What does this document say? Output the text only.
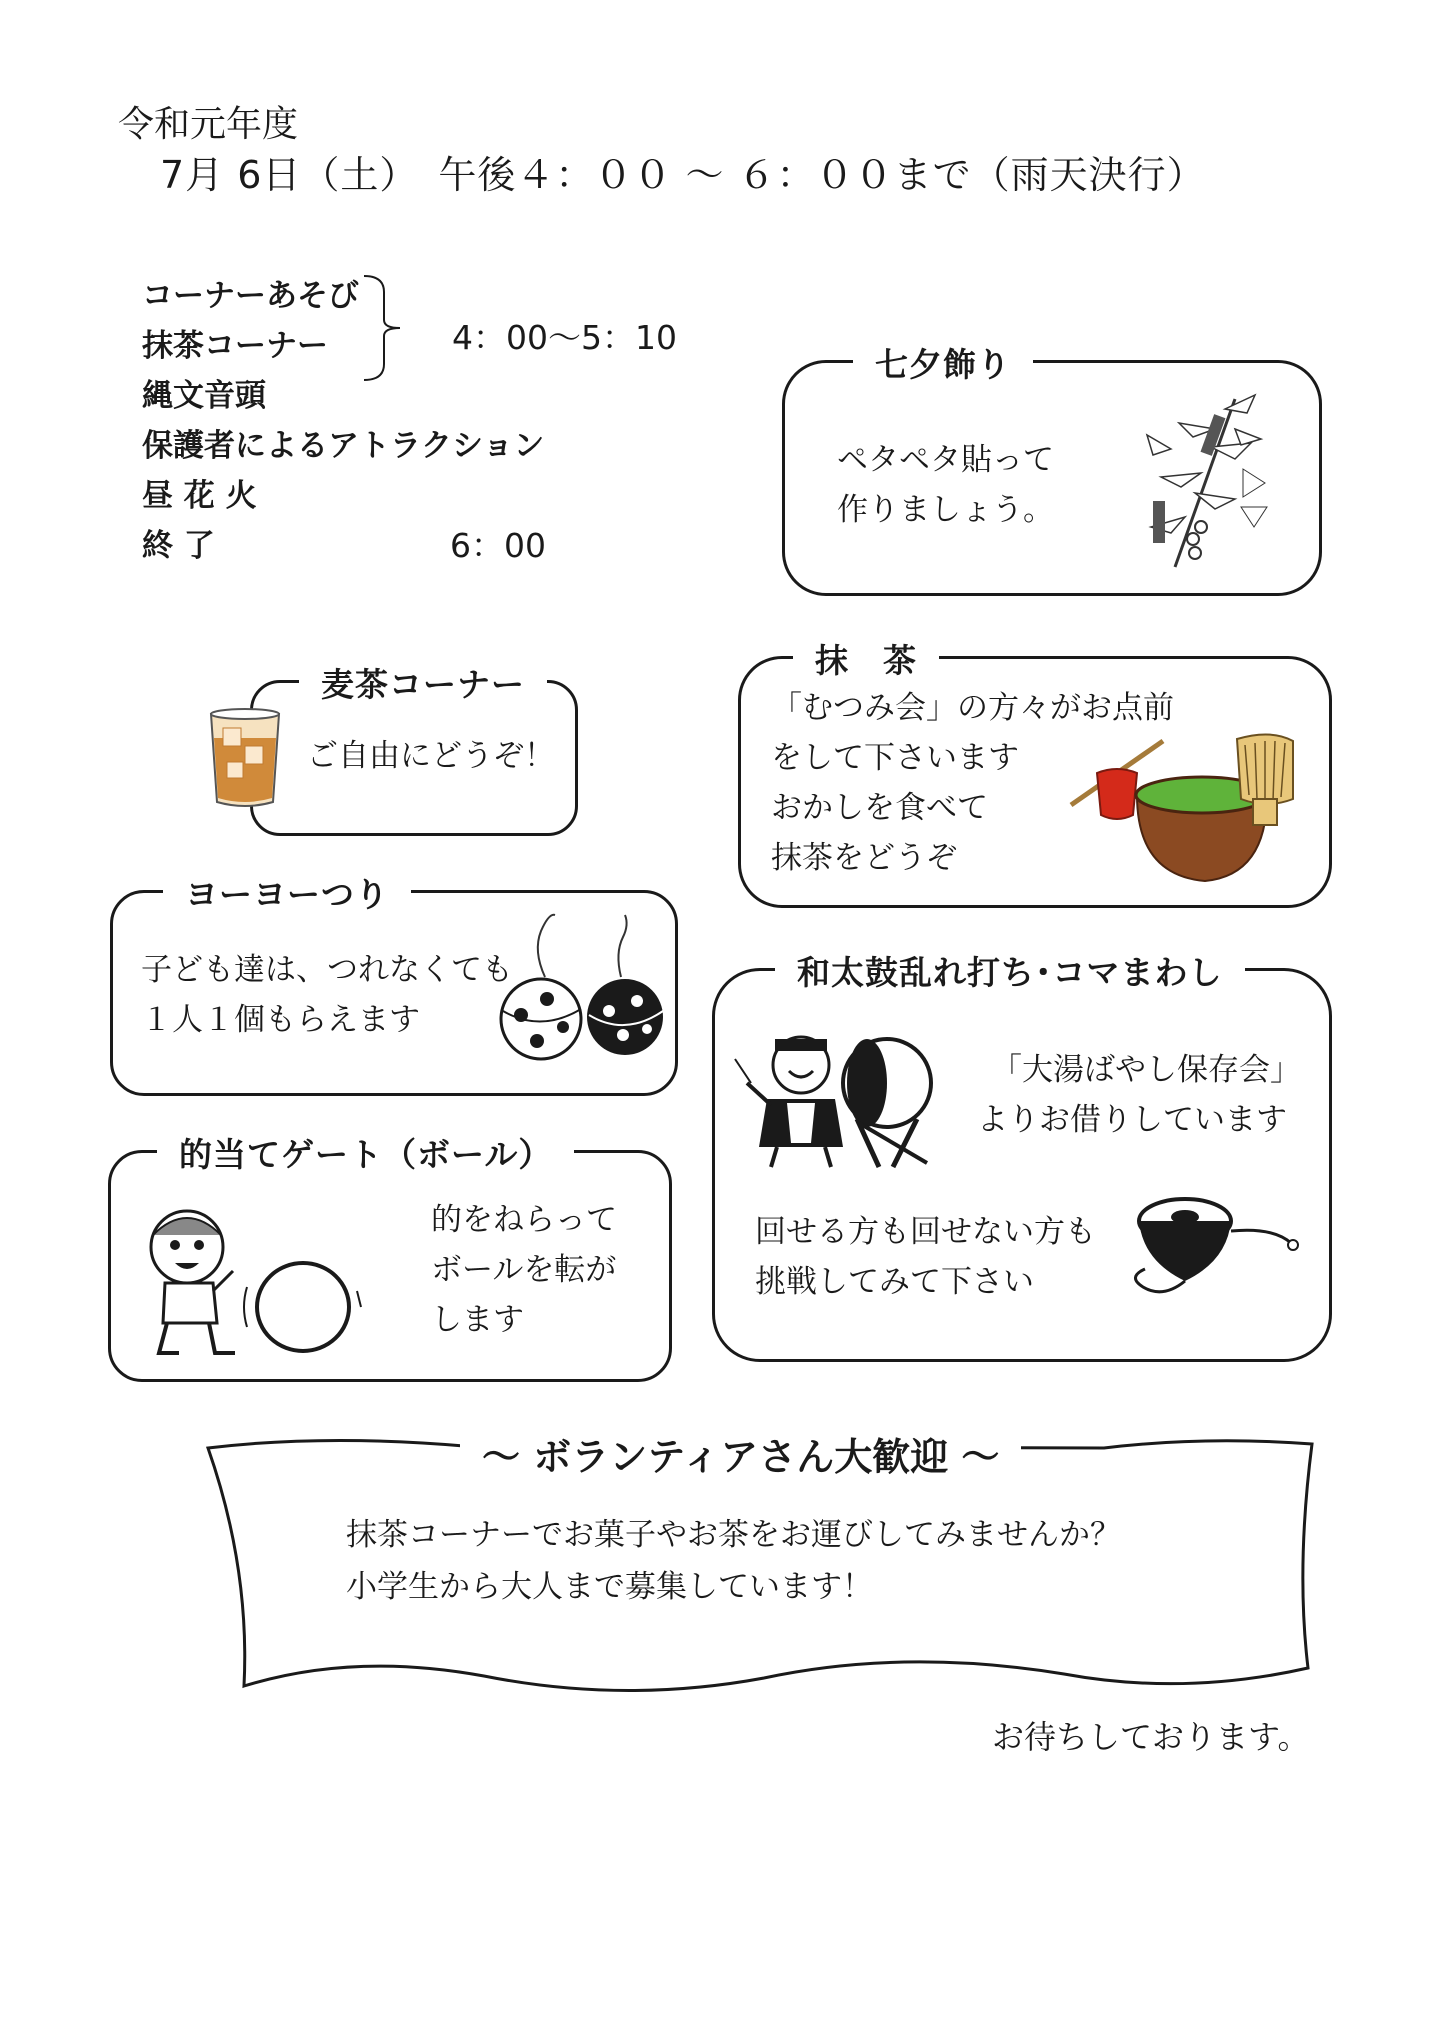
令和元年度
7月 6日（土）　午後４：００ ～ ６：００まで（雨天決行）
コーナーあそび
抹茶コーナー
縄文音頭
保護者によるアトラクション
昼 花 火
終 了
4：00～5：10
6：00
七夕飾り
ペタペタ貼って
作りましょう。
麦茶コーナー
ご自由にどうぞ！
抹　茶
「むつみ会」の方々がお点前
をして下さいます
おかしを食べて
抹茶をどうぞ
ヨーヨーつり
子ども達は、つれなくても
１人１個もらえます
和太鼓乱れ打ち･コマまわし
「大湯ばやし保存会」
よりお借りしています
回せる方も回せない方も
挑戦してみて下さい
的当てゲート（ボール）
的をねらって
ボールを転が
します
～ ボランティアさん大歓迎 ～
抹茶コーナーでお菓子やお茶をお運びしてみませんか？
小学生から大人まで募集しています！
お待ちしております。
